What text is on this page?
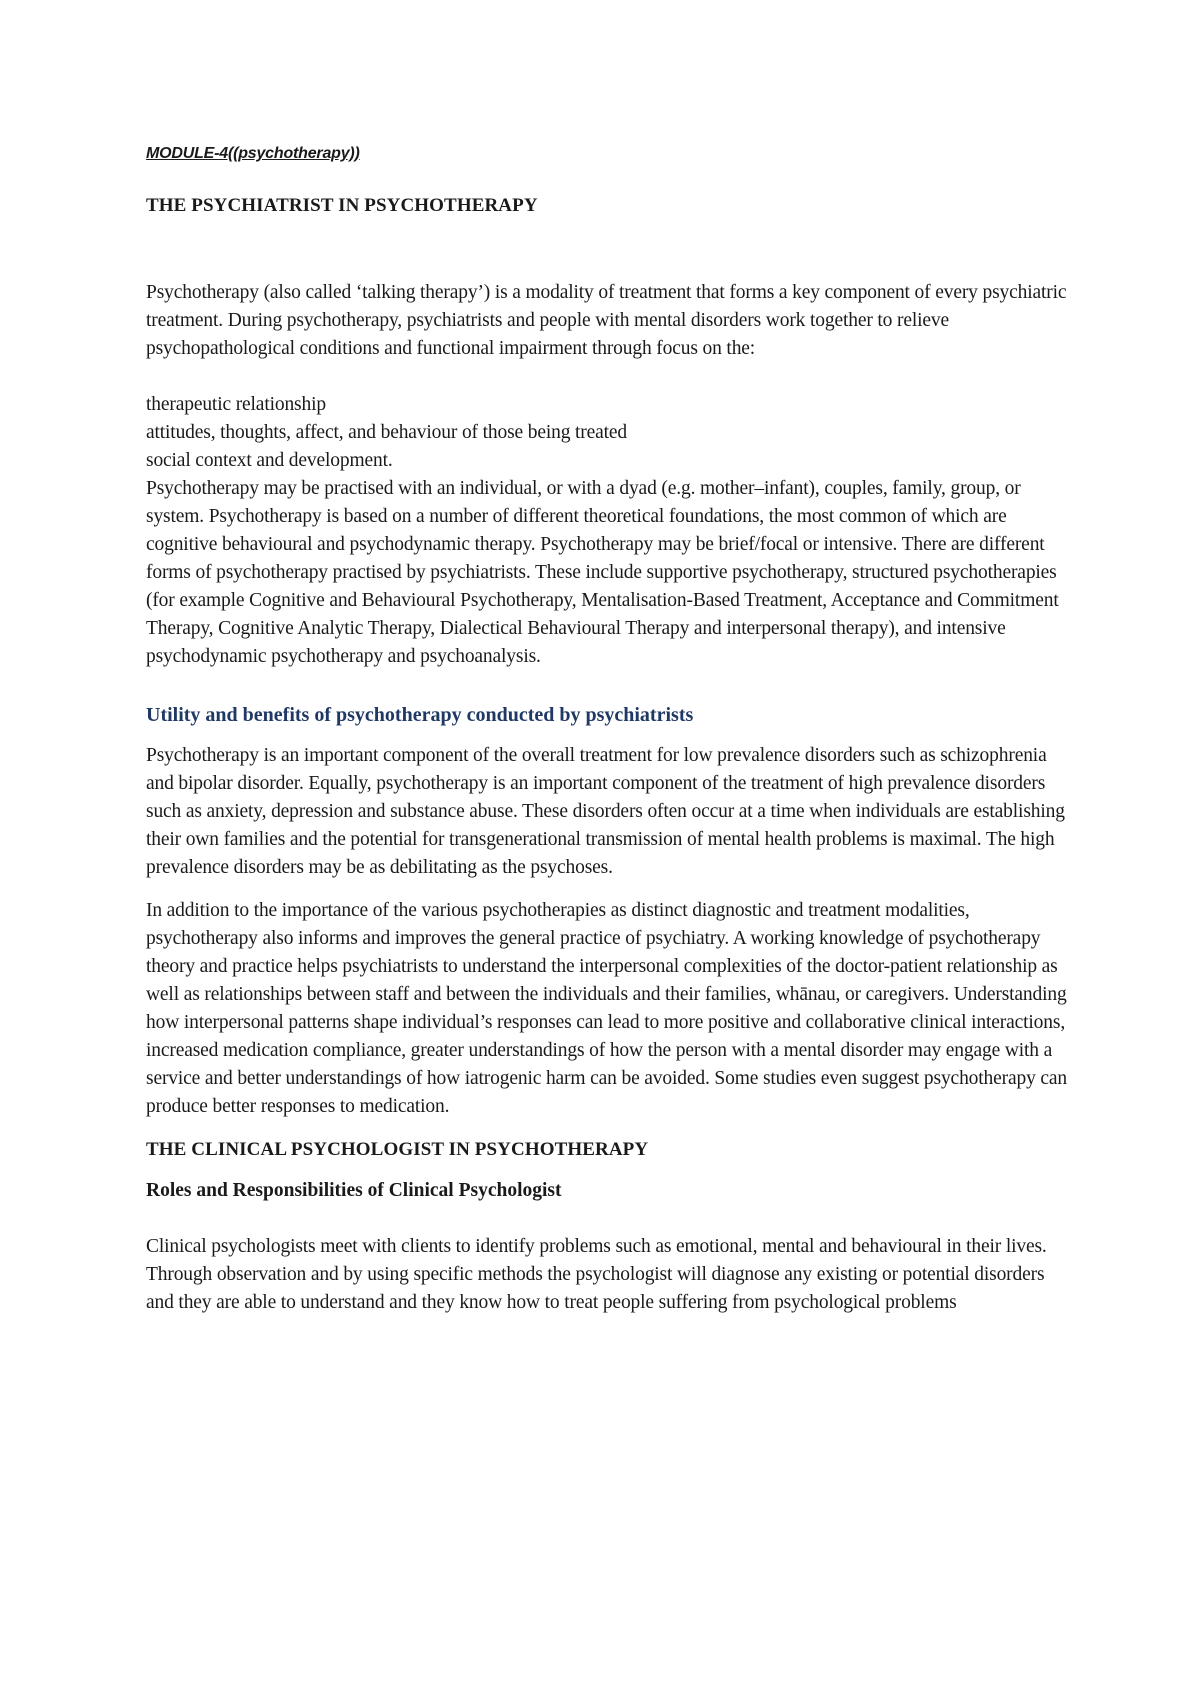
MODULE-4((psychotherapy))
THE PSYCHIATRIST IN PSYCHOTHERAPY

Psychotherapy (also called ‘talking therapy’) is a modality of treatment that forms a key component of every psychiatric treatment. During psychotherapy, psychiatrists and people with mental disorders work together to relieve psychopathological conditions and functional impairment through focus on the:

therapeutic relationship
attitudes, thoughts, affect, and behaviour of those being treated
social context and development.

Psychotherapy may be practised with an individual, or with a dyad (e.g. mother–infant), couples, family, group, or system. Psychotherapy is based on a number of different theoretical foundations, the most common of which are cognitive behavioural and psychodynamic therapy. Psychotherapy may be brief/focal or intensive. There are different forms of psychotherapy practised by psychiatrists. These include supportive psychotherapy, structured psychotherapies (for example Cognitive and Behavioural Psychotherapy, Mentalisation-Based Treatment, Acceptance and Commitment Therapy, Cognitive Analytic Therapy, Dialectical Behavioural Therapy and interpersonal therapy), and intensive psychodynamic psychotherapy and psychoanalysis.

Utility and benefits of psychotherapy conducted by psychiatrists

Psychotherapy is an important component of the overall treatment for low prevalence disorders such as schizophrenia and bipolar disorder. Equally, psychotherapy is an important component of the treatment of high prevalence disorders such as anxiety, depression and substance abuse. These disorders often occur at a time when individuals are establishing their own families and the potential for transgenerational transmission of mental health problems is maximal. The high prevalence disorders may be as debilitating as the psychoses.

In addition to the importance of the various psychotherapies as distinct diagnostic and treatment modalities, psychotherapy also informs and improves the general practice of psychiatry. A working knowledge of psychotherapy theory and practice helps psychiatrists to understand the interpersonal complexities of the doctor-patient relationship as well as relationships between staff and between the individuals and their families, whānau, or caregivers. Understanding how interpersonal patterns shape individual’s responses can lead to more positive and collaborative clinical interactions, increased medication compliance, greater understandings of how the person with a mental disorder may engage with a service and better understandings of how iatrogenic harm can be avoided. Some studies even suggest psychotherapy can produce better responses to medication.

THE CLINICAL PSYCHOLOGIST IN PSYCHOTHERAPY
Roles and Responsibilities of Clinical Psychologist

Clinical psychologists meet with clients to identify problems such as emotional, mental and behavioural in their lives. Through observation and by using specific methods the psychologist will diagnose any existing or potential disorders and they are able to understand and they know how to treat people suffering from psychological problems
